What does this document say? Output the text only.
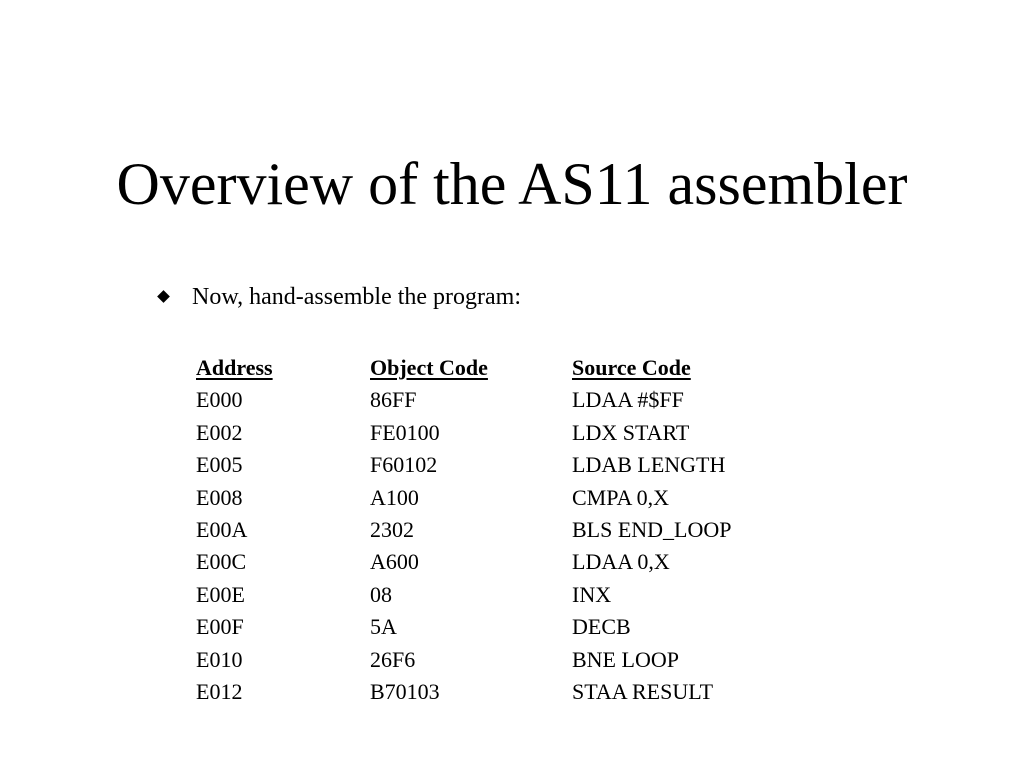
Overview of the AS11 assembler
Now, hand-assemble the program:
Address	Object Code	Source Code
E000	86FF	LDAA #$FF
E002	FE0100	LDX START
E005	F60102	LDAB LENGTH
E008	A100	CMPA 0,X
E00A	2302	BLS END_LOOP
E00C	A600	LDAA 0,X
E00E	08	INX
E00F	5A	DECB
E010	26F6	BNE LOOP
E012	B70103	STAA RESULT
